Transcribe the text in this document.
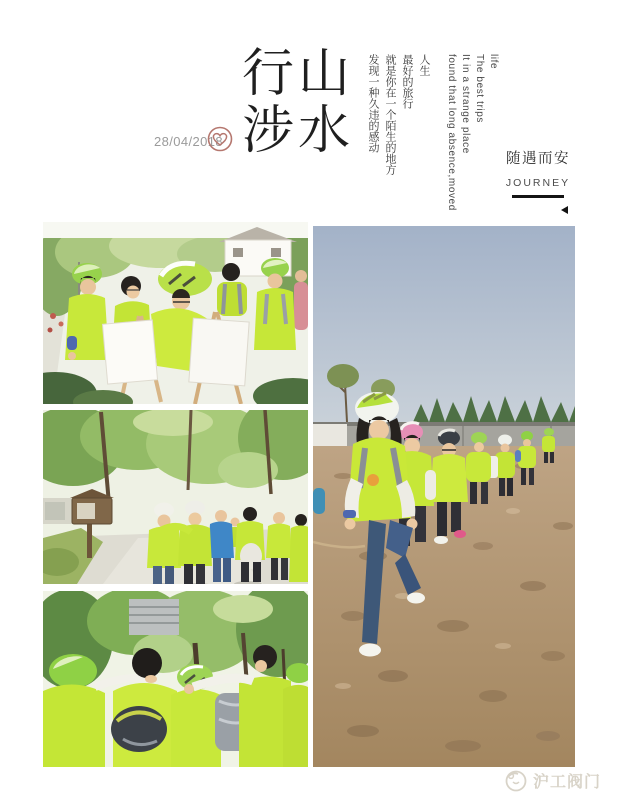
28/04/2018
行山
涉水

life

The best trips

It in a strange place

found that long absence,moved

人生

最好的旅行

就是你在一个陌生的地方

发现一种久违的感动

随遇而安
JOURNEY
沪工阀门
